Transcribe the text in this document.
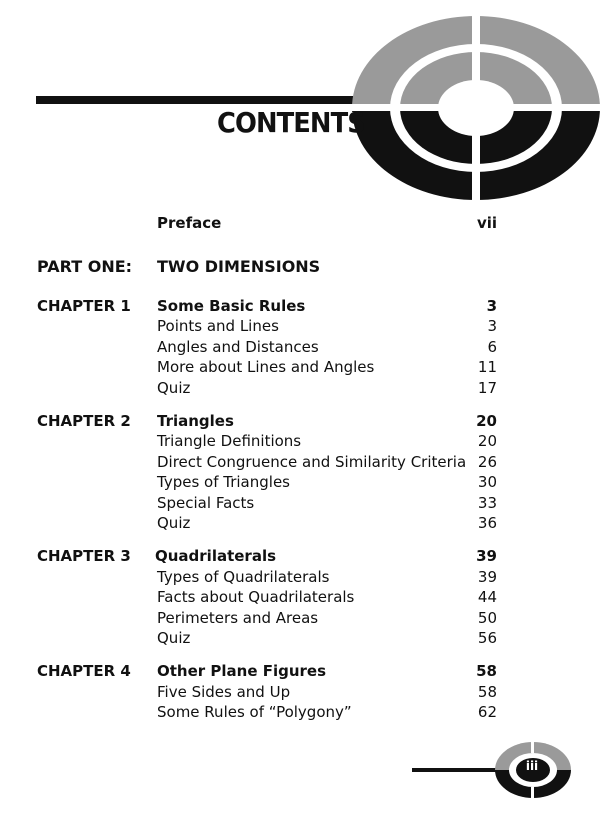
CONTENTS
Preface	vii
PART ONE: TWO DIMENSIONS
CHAPTER 1 Some Basic Rules	3
Points and Lines	3
Angles and Distances	6
More about Lines and Angles	11
Quiz	17
CHAPTER 2 Triangles	20
Triangle Definitions	20
Direct Congruence and Similarity Criteria 26
Types of Triangles	30
Special Facts	33
Quiz	36
CHAPTER 3 Quadrilaterals	39
Types of Quadrilaterals	39
Facts about Quadrilaterals	44
Perimeters and Areas	50
Quiz	56
CHAPTER 4 Other Plane Figures	58
Five Sides and Up	58
Some Rules of “Polygony”	62
iii
